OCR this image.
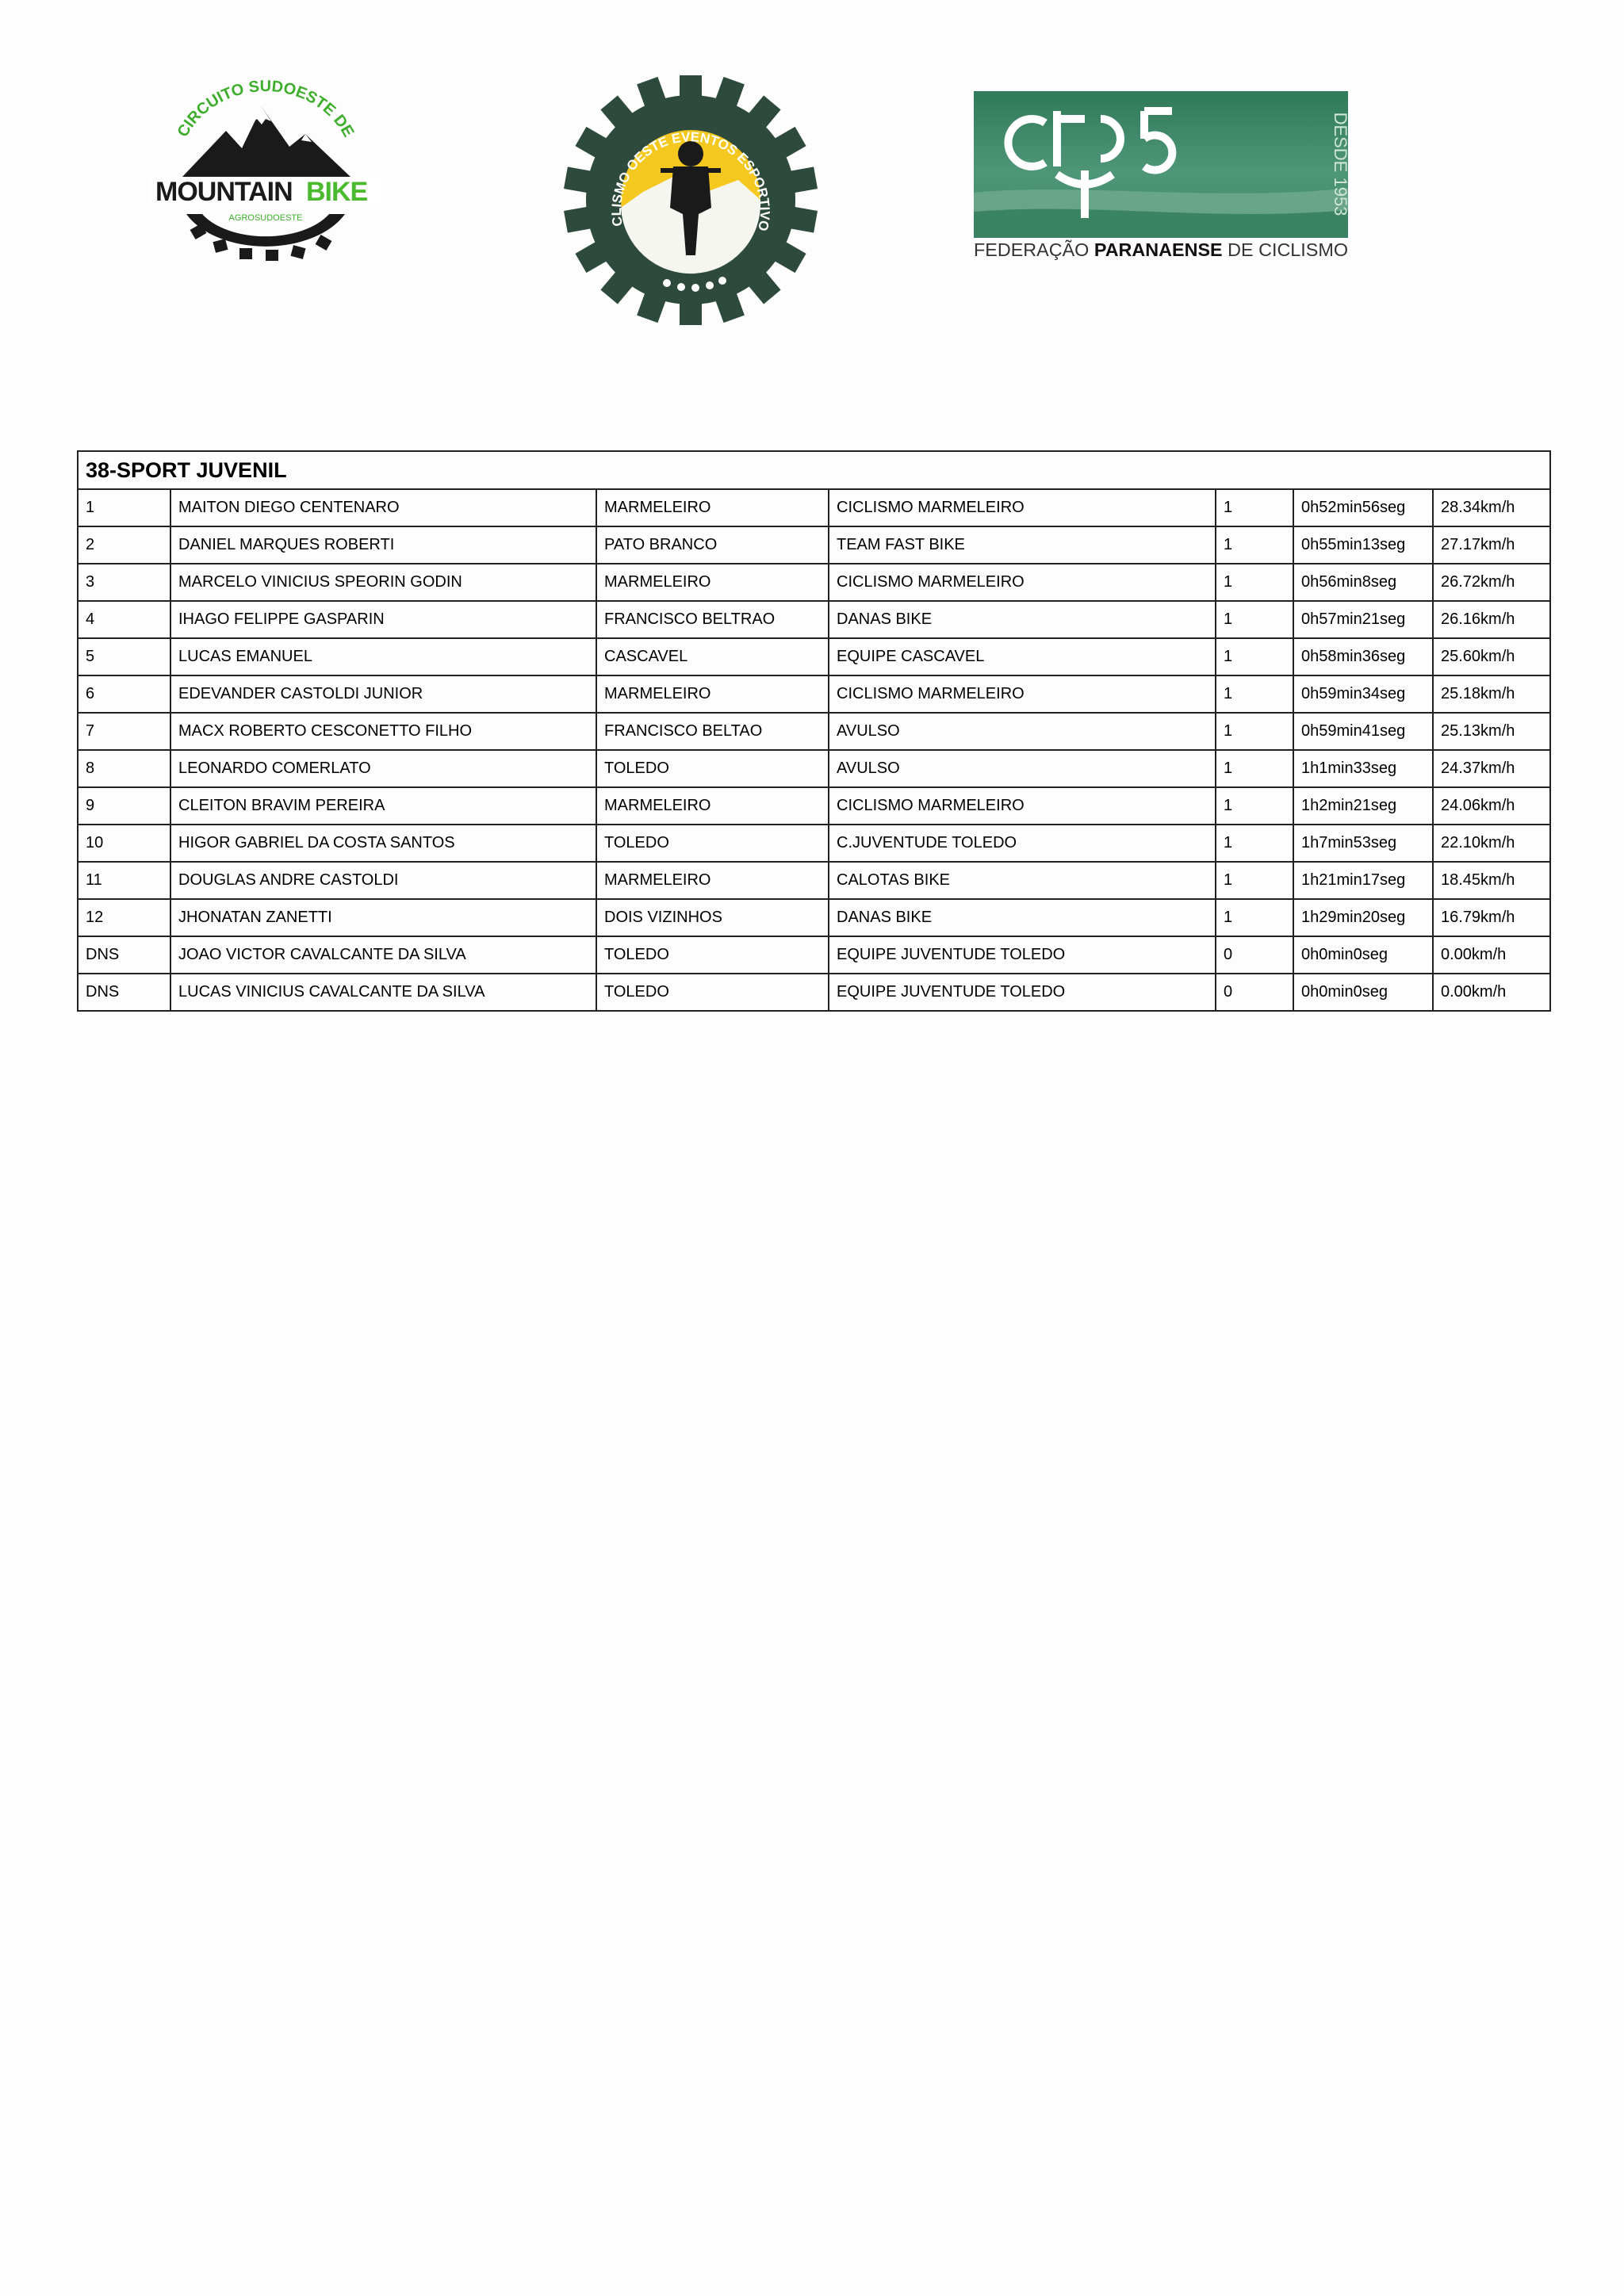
CIRCUITO SUDOESTE DE
MOUNTAIN BIKE
AGROSUDOESTE	CLISMO OESTE EVENTOS ESPORTIVO
DESDE 1953
FEDERAÇÃO PARANAENSE DE CICLISMO
38-SPORT JUVENIL						
1	MAITON DIEGO CENTENARO	MARMELEIRO	CICLISMO MARMELEIRO	1	0h52min56seg	28.34km/h
2	DANIEL MARQUES ROBERTI	PATO BRANCO	TEAM FAST BIKE	1	0h55min13seg	27.17km/h
3	MARCELO VINICIUS SPEORIN GODIN	MARMELEIRO	CICLISMO MARMELEIRO	1	0h56min8seg	26.72km/h
4	IHAGO FELIPPE GASPARIN	FRANCISCO BELTRAO	DANAS BIKE	1	0h57min21seg	26.16km/h
5	LUCAS EMANUEL	CASCAVEL	EQUIPE CASCAVEL	1	0h58min36seg	25.60km/h
6	EDEVANDER CASTOLDI JUNIOR	MARMELEIRO	CICLISMO MARMELEIRO	1	0h59min34seg	25.18km/h
7	MACX ROBERTO CESCONETTO FILHO	FRANCISCO BELTAO	AVULSO	1	0h59min41seg	25.13km/h
8	LEONARDO COMERLATO	TOLEDO	AVULSO	1	1h1min33seg	24.37km/h
9	CLEITON BRAVIM PEREIRA	MARMELEIRO	CICLISMO MARMELEIRO	1	1h2min21seg	24.06km/h
10	HIGOR GABRIEL DA COSTA SANTOS	TOLEDO	C.JUVENTUDE TOLEDO	1	1h7min53seg	22.10km/h
11	DOUGLAS ANDRE CASTOLDI	MARMELEIRO	CALOTAS BIKE	1	1h21min17seg	18.45km/h
12	JHONATAN ZANETTI	DOIS VIZINHOS	DANAS BIKE	1	1h29min20seg	16.79km/h
DNS	JOAO VICTOR CAVALCANTE DA SILVA	TOLEDO	EQUIPE JUVENTUDE TOLEDO	0	0h0min0seg	0.00km/h
DNS	LUCAS VINICIUS CAVALCANTE DA SILVA	TOLEDO	EQUIPE JUVENTUDE TOLEDO	0	0h0min0seg	0.00km/h
